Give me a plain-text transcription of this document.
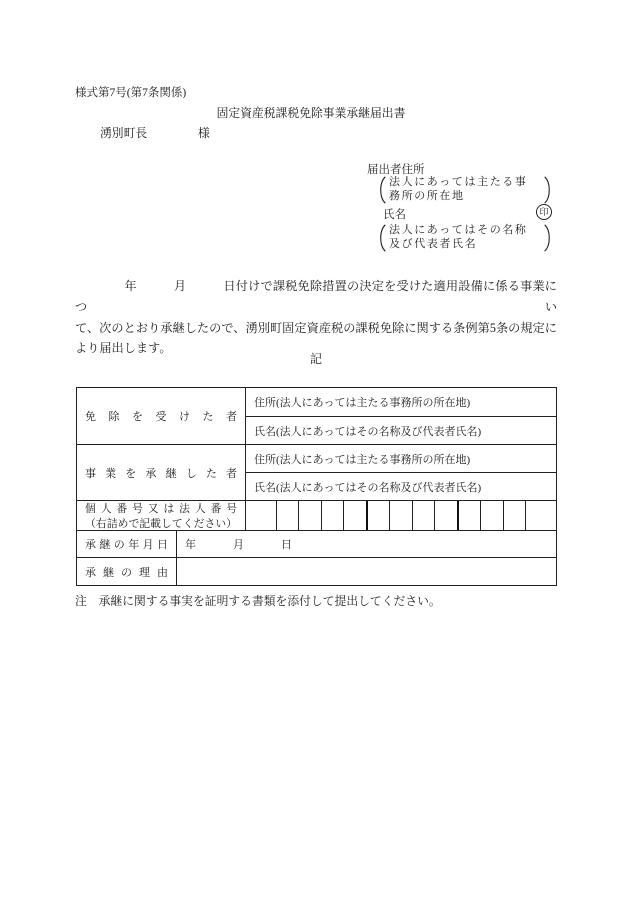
様式第7号(第7条関係)
固定資産税課税免除事業承継届出書
湧別町長	様
届出者住所
法人にあっては主たる事
務所の所在地
氏名	印
法人にあってはその名称
及び代表者氏名
　　　　年　　　月　　　日付けで課税免除措置の決定を受けた適用設備に係る事業につい
て、次のとおり承継したので、湧別町固定資産税の課税免除に関する条例第5条の規定に
より届出します。
記
免除を受けた者	住所(法人にあっては主たる事務所の所在地)
	氏名(法人にあってはその名称及び代表者氏名)
事業を承継した者	住所(法人にあっては主たる事務所の所在地)
	氏名(法人にあってはその名称及び代表者氏名)

個人番号又は法人番号
（右詰めで記載してください）	

承継の年月日	年　　　月　　　日
承継の理由	
注　承継に関する事実を証明する書類を添付して提出してください。
